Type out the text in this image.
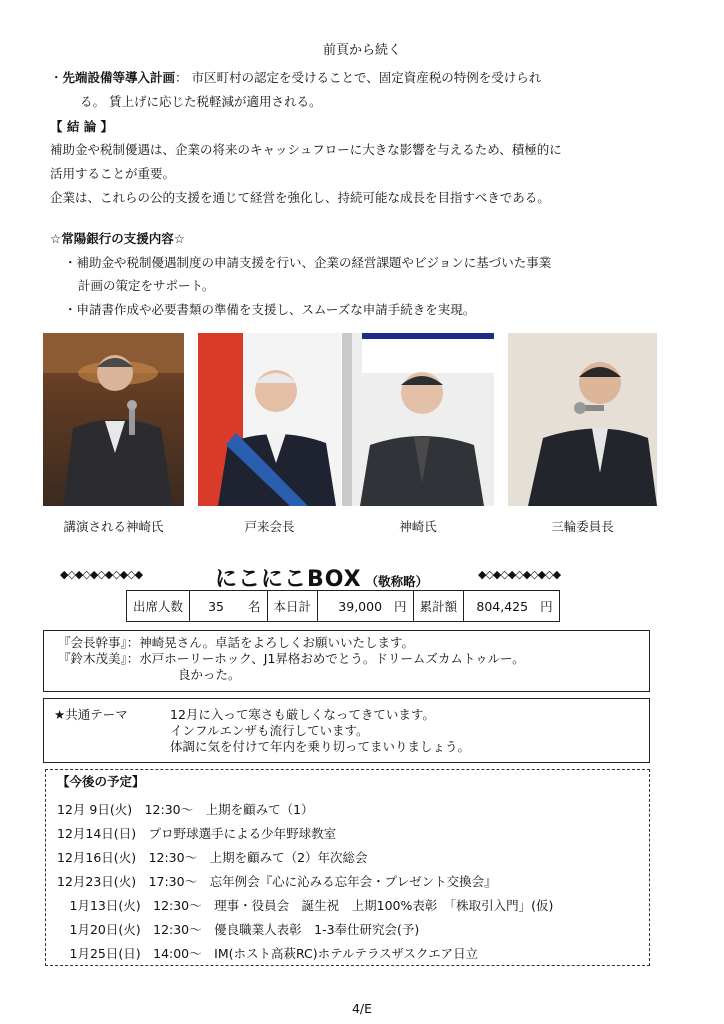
前頁から続く
・先端設備等導入計画： 市区町村の認定を受けることで、固定資産税の特例を受けられ
る。 賃上げに応じた税軽減が適用される。
【 結 論 】
補助金や税制優遇は、企業の将来のキャッシュフローに大きな影響を与えるため、積極的に
活用することが重要。
企業は、これらの公的支援を通じて経営を強化し、持続可能な成長を目指すべきである。
☆常陽銀行の支援内容☆
・補助金や税制優遇制度の申請支援を行い、企業の経営課題やビジョンに基づいた事業
計画の策定をサポート。
・申請書作成や必要書類の準備を支援し、スムーズな申請手続きを実現。
講演される神崎氏	戸来会長	神崎氏	三輪委員長
◆◇◆◇◆◇◆◇◆◇◆	にこにこBOX （敬称略）	◆◇◆◇◆◇◆◇◆◇◆
出席人数	35	名	本日計	39,000	円	累計額	804,425	円
『会長幹事』：神崎晃さん。卓話をよろしくお願いいたします。
『鈴木茂美』：水戸ホーリーホック、J1昇格おめでとう。ドリームズカムトゥルー。
良かった。
★共通テーマ	12月に入って寒さも厳しくなってきています。
インフルエンザも流行しています。
体調に気を付けて年内を乗り切ってまいりましょう。
【今後の予定】
12月 9日(火)　12:30～　上期を顧みて（1）
12月14日(日)　プロ野球選手による少年野球教室
12月16日(火)　12:30～　上期を顧みて（2）年次総会
12月23日(火)　17:30～　忘年例会『心に沁みる忘年会・プレゼント交換会』
　1月13日(火)　12:30～　理事・役員会　誕生祝　上期100%表彰　「株取引入門」(仮)
　1月20日(火)　12:30～　優良職業人表彰　1-3奉仕研究会(予)
　1月25日(日)　14:00～　IM(ホスト高萩RC)ホテルテラスザスクエア日立
4/E
